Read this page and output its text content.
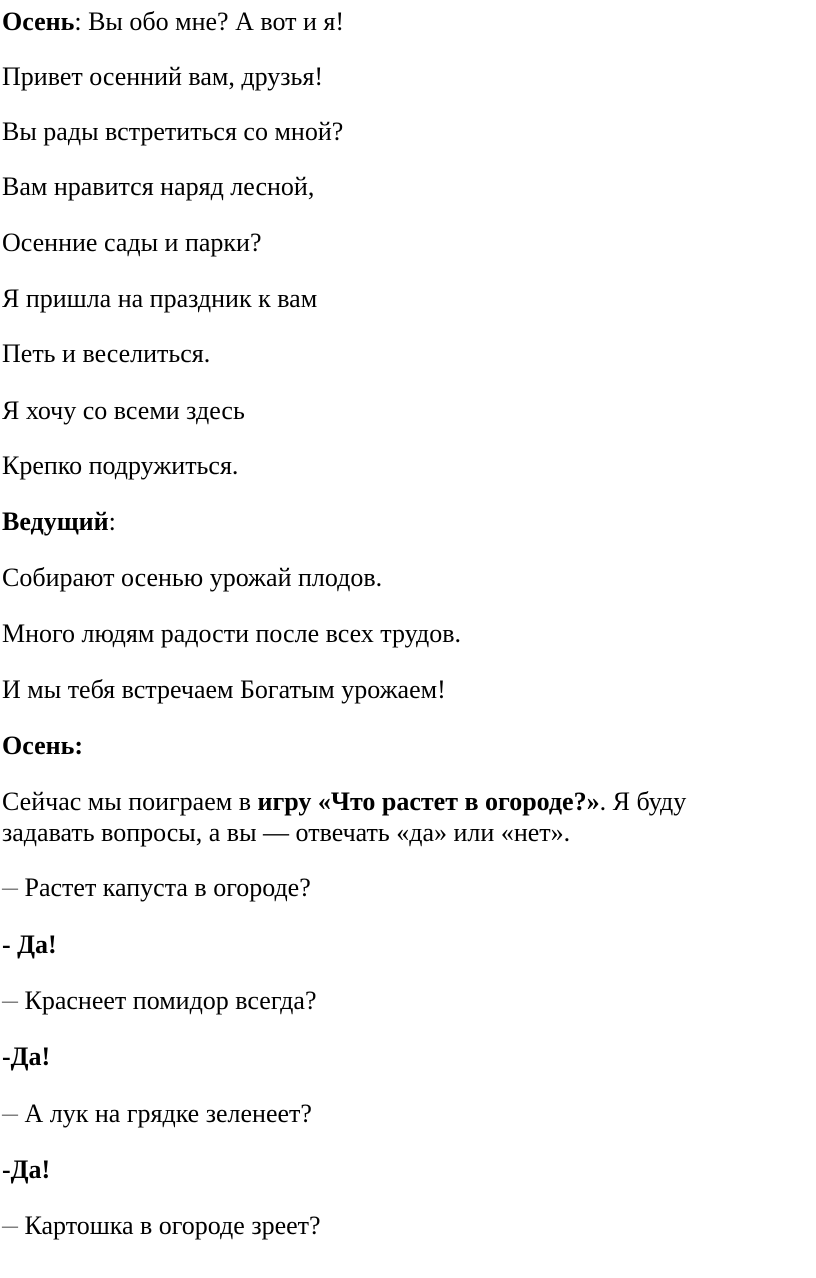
Осень: Вы обо мне? А вот и я!
Привет осенний вам, друзья!
Вы рады встретиться со мной?
Вам нравится наряд лесной,
Осенние сады и парки?
Я пришла на праздник к вам
Петь и веселиться.
Я хочу со всеми здесь
Крепко подружиться.
Ведущий:
Собирают осенью урожай плодов.
Много людям радости после всех трудов.
И мы тебя встречаем Богатым урожаем!
Осень:
Сейчас мы поиграем в игру «Что растет в огороде?». Я буду
задавать вопросы, а вы — отвечать «да» или «нет».
— Растет капуста в огороде?
- Да!
— Краснеет помидор всегда?
-Да!
— А лук на грядке зеленеет?
-Да!
— Картошка в огороде зреет?
